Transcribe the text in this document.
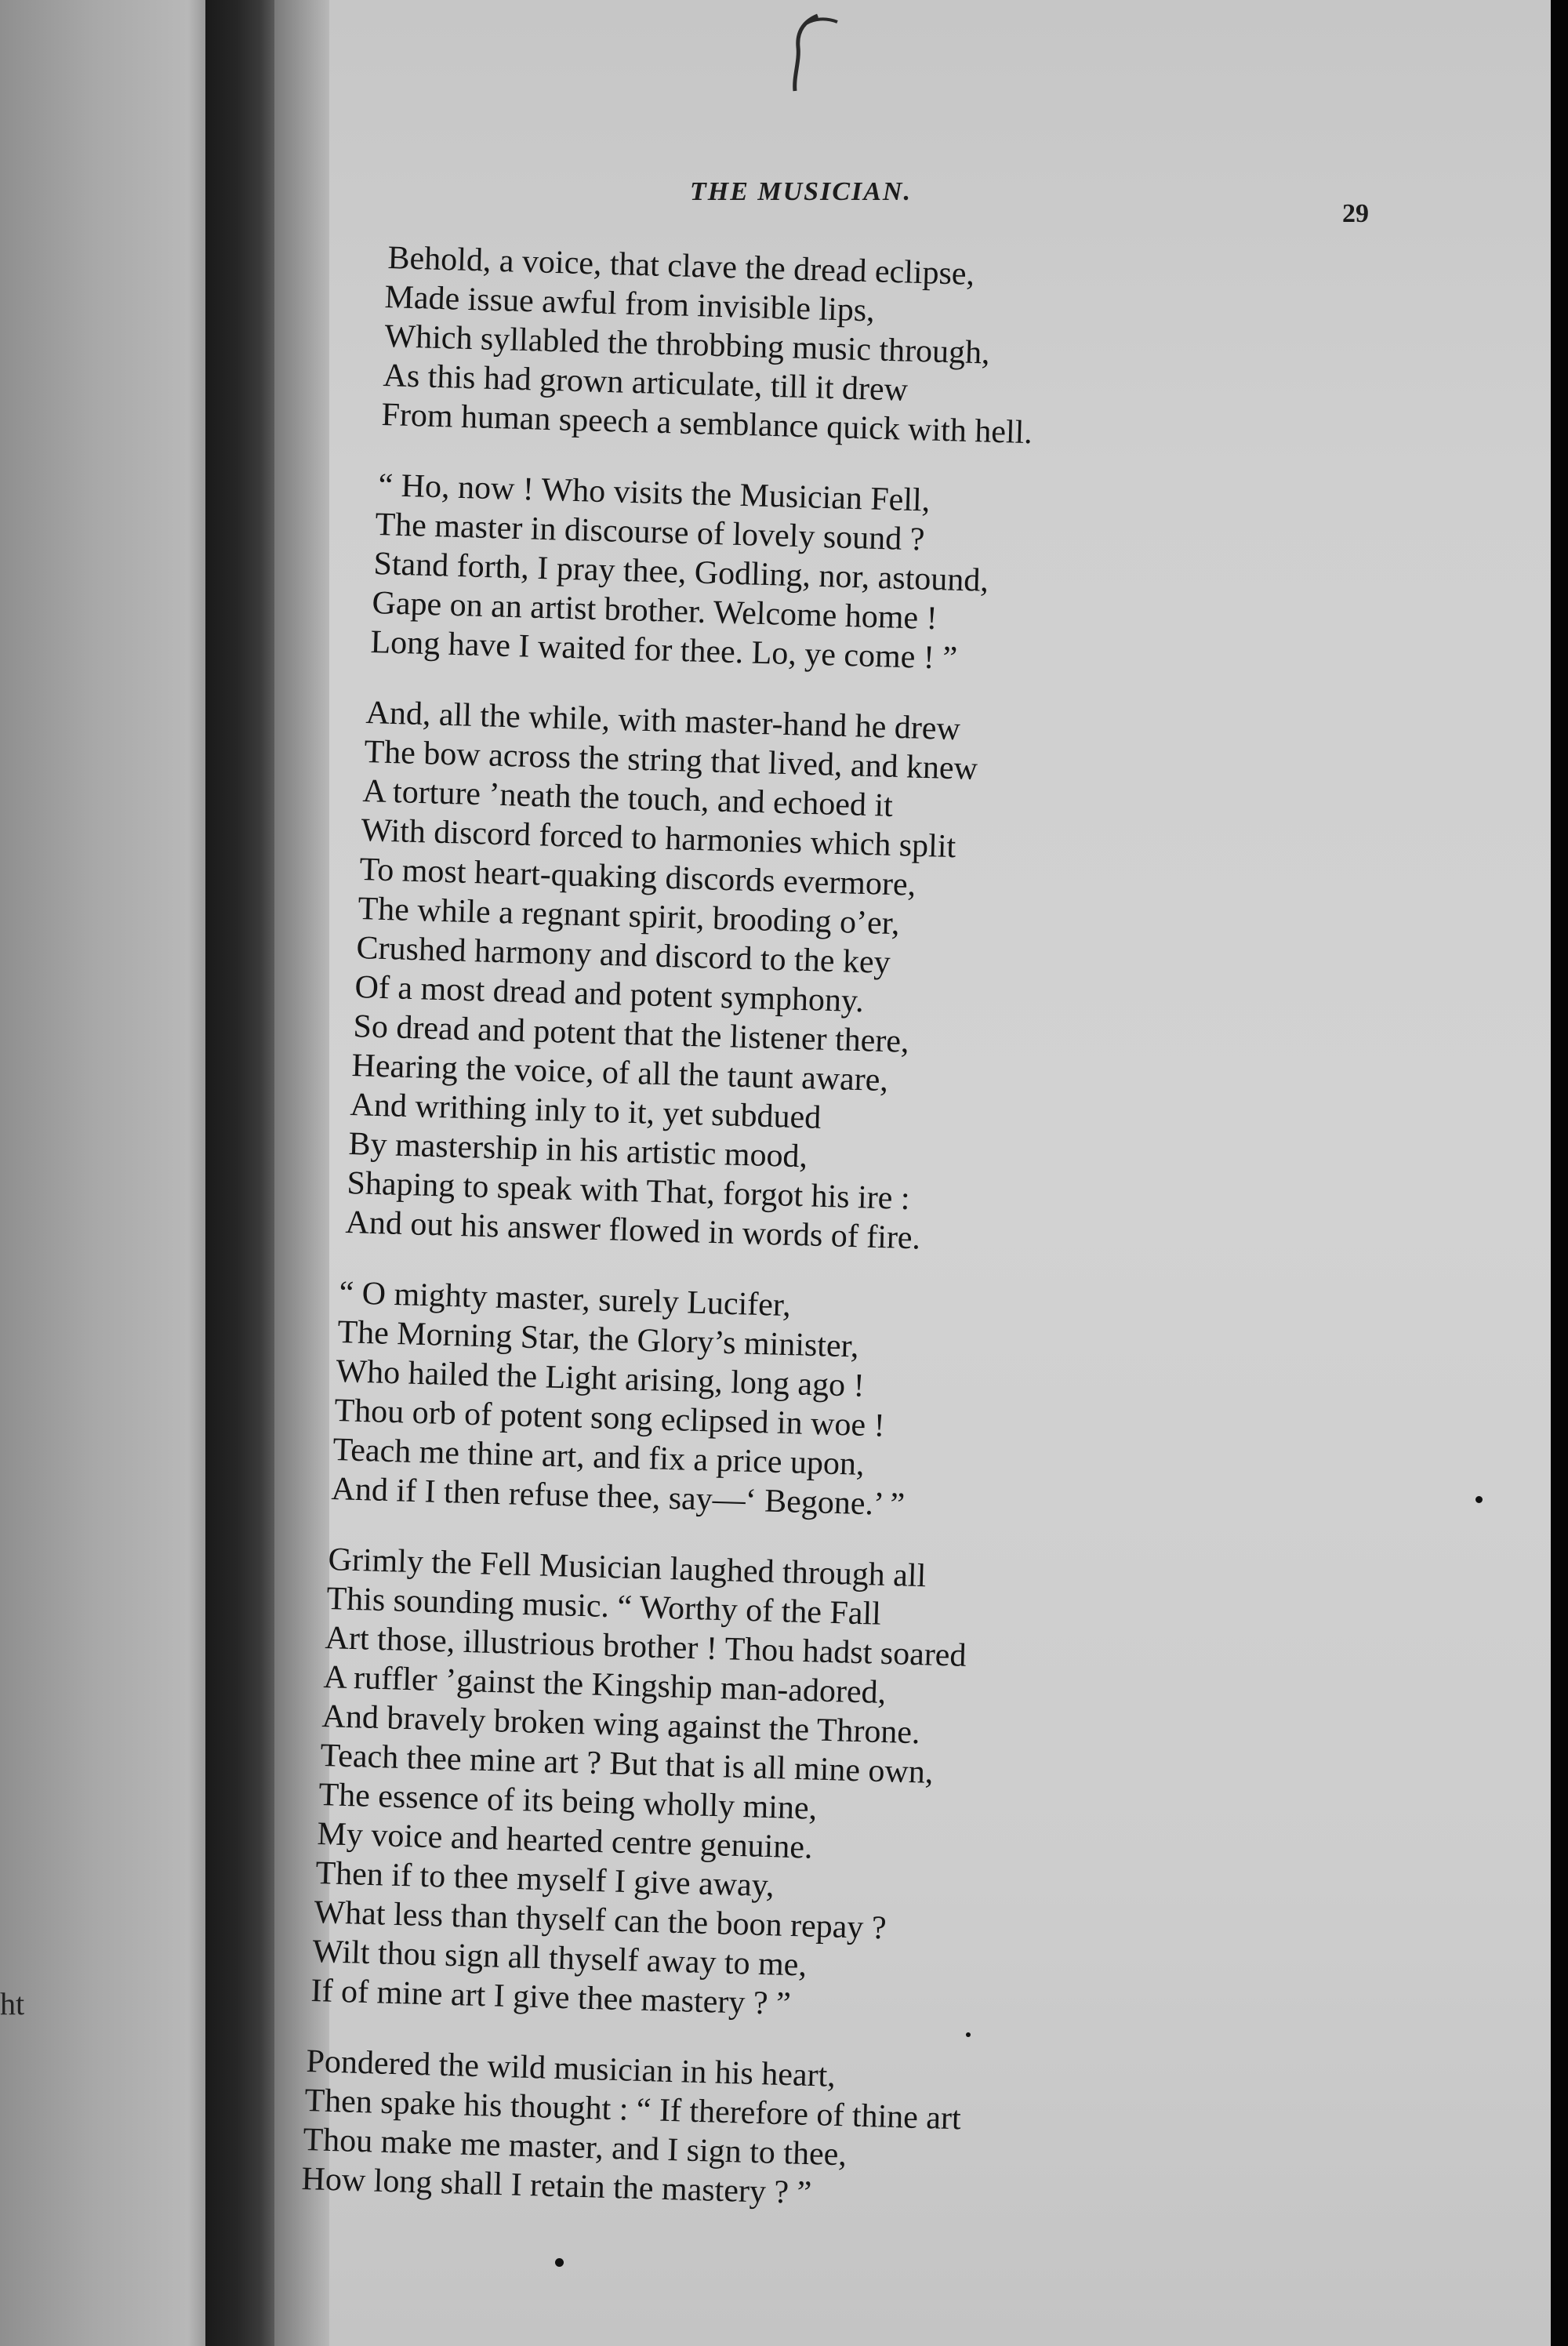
ht
THE MUSICIAN.
29
Behold, a voice, that clave the dread eclipse,
Made issue awful from invisible lips,
Which syllabled the throbbing music through,
As this had grown articulate, till it drew
From human speech a semblance quick with hell.
“ Ho, now ! Who visits the Musician Fell,
The master in discourse of lovely sound ?
Stand forth, I pray thee, Godling, nor, astound,
Gape on an artist brother. Welcome home !
Long have I waited for thee. Lo, ye come ! ”
And, all the while, with master-hand he drew
The bow across the string that lived, and knew
A torture ’neath the touch, and echoed it
With discord forced to harmonies which split
To most heart-quaking discords evermore,
The while a regnant spirit, brooding o’er,
Crushed harmony and discord to the key
Of a most dread and potent symphony.
So dread and potent that the listener there,
Hearing the voice, of all the taunt aware,
And writhing inly to it, yet subdued
By mastership in his artistic mood,
Shaping to speak with That, forgot his ire :
And out his answer flowed in words of fire.
“ O mighty master, surely Lucifer,
The Morning Star, the Glory’s minister,
Who hailed the Light arising, long ago !
Thou orb of potent song eclipsed in woe !
Teach me thine art, and fix a price upon,
And if I then refuse thee, say—‘ Begone.’ ”
Grimly the Fell Musician laughed through all
This sounding music. “ Worthy of the Fall
Art those, illustrious brother ! Thou hadst soared
A ruffler ’gainst the Kingship man-adored,
And bravely broken wing against the Throne.
Teach thee mine art ? But that is all mine own,
The essence of its being wholly mine,
My voice and hearted centre genuine.
Then if to thee myself I give away,
What less than thyself can the boon repay ?
Wilt thou sign all thyself away to me,
If of mine art I give thee mastery ? ”
Pondered the wild musician in his heart,
Then spake his thought : “ If therefore of thine art
Thou make me master, and I sign to thee,
How long shall I retain the mastery ? ”
